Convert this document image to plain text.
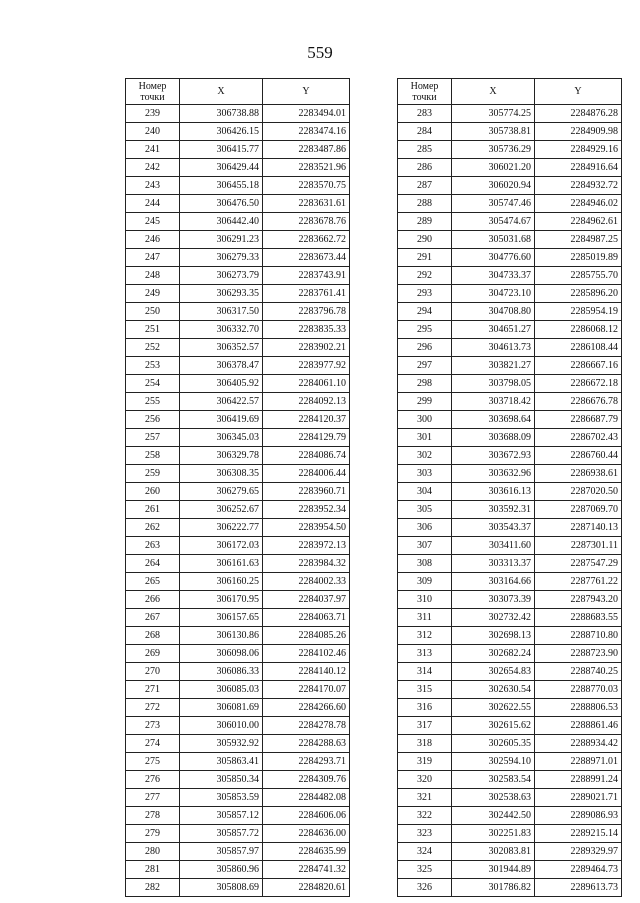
559
Номер
точки	X	Y
239	306738.88	2283494.01
240	306426.15	2283474.16
241	306415.77	2283487.86
242	306429.44	2283521.96
243	306455.18	2283570.75
244	306476.50	2283631.61
245	306442.40	2283678.76
246	306291.23	2283662.72
247	306279.33	2283673.44
248	306273.79	2283743.91
249	306293.35	2283761.41
250	306317.50	2283796.78
251	306332.70	2283835.33
252	306352.57	2283902.21
253	306378.47	2283977.92
254	306405.92	2284061.10
255	306422.57	2284092.13
256	306419.69	2284120.37
257	306345.03	2284129.79
258	306329.78	2284086.74
259	306308.35	2284006.44
260	306279.65	2283960.71
261	306252.67	2283952.34
262	306222.77	2283954.50
263	306172.03	2283972.13
264	306161.63	2283984.32
265	306160.25	2284002.33
266	306170.95	2284037.97
267	306157.65	2284063.71
268	306130.86	2284085.26
269	306098.06	2284102.46
270	306086.33	2284140.12
271	306085.03	2284170.07
272	306081.69	2284266.60
273	306010.00	2284278.78
274	305932.92	2284288.63
275	305863.41	2284293.71
276	305850.34	2284309.76
277	305853.59	2284482.08
278	305857.12	2284606.06
279	305857.72	2284636.00
280	305857.97	2284635.99
281	305860.96	2284741.32
282	305808.69	2284820.61
Номер
точки	X	Y
283	305774.25	2284876.28
284	305738.81	2284909.98
285	305736.29	2284929.16
286	306021.20	2284916.64
287	306020.94	2284932.72
288	305747.46	2284946.02
289	305474.67	2284962.61
290	305031.68	2284987.25
291	304776.60	2285019.89
292	304733.37	2285755.70
293	304723.10	2285896.20
294	304708.80	2285954.19
295	304651.27	2286068.12
296	304613.73	2286108.44
297	303821.27	2286667.16
298	303798.05	2286672.18
299	303718.42	2286676.78
300	303698.64	2286687.79
301	303688.09	2286702.43
302	303672.93	2286760.44
303	303632.96	2286938.61
304	303616.13	2287020.50
305	303592.31	2287069.70
306	303543.37	2287140.13
307	303411.60	2287301.11
308	303313.37	2287547.29
309	303164.66	2287761.22
310	303073.39	2287943.20
311	302732.42	2288683.55
312	302698.13	2288710.80
313	302682.24	2288723.90
314	302654.83	2288740.25
315	302630.54	2288770.03
316	302622.55	2288806.53
317	302615.62	2288861.46
318	302605.35	2288934.42
319	302594.10	2288971.01
320	302583.54	2288991.24
321	302538.63	2289021.71
322	302442.50	2289086.93
323	302251.83	2289215.14
324	302083.81	2289329.97
325	301944.89	2289464.73
326	301786.82	2289613.73
